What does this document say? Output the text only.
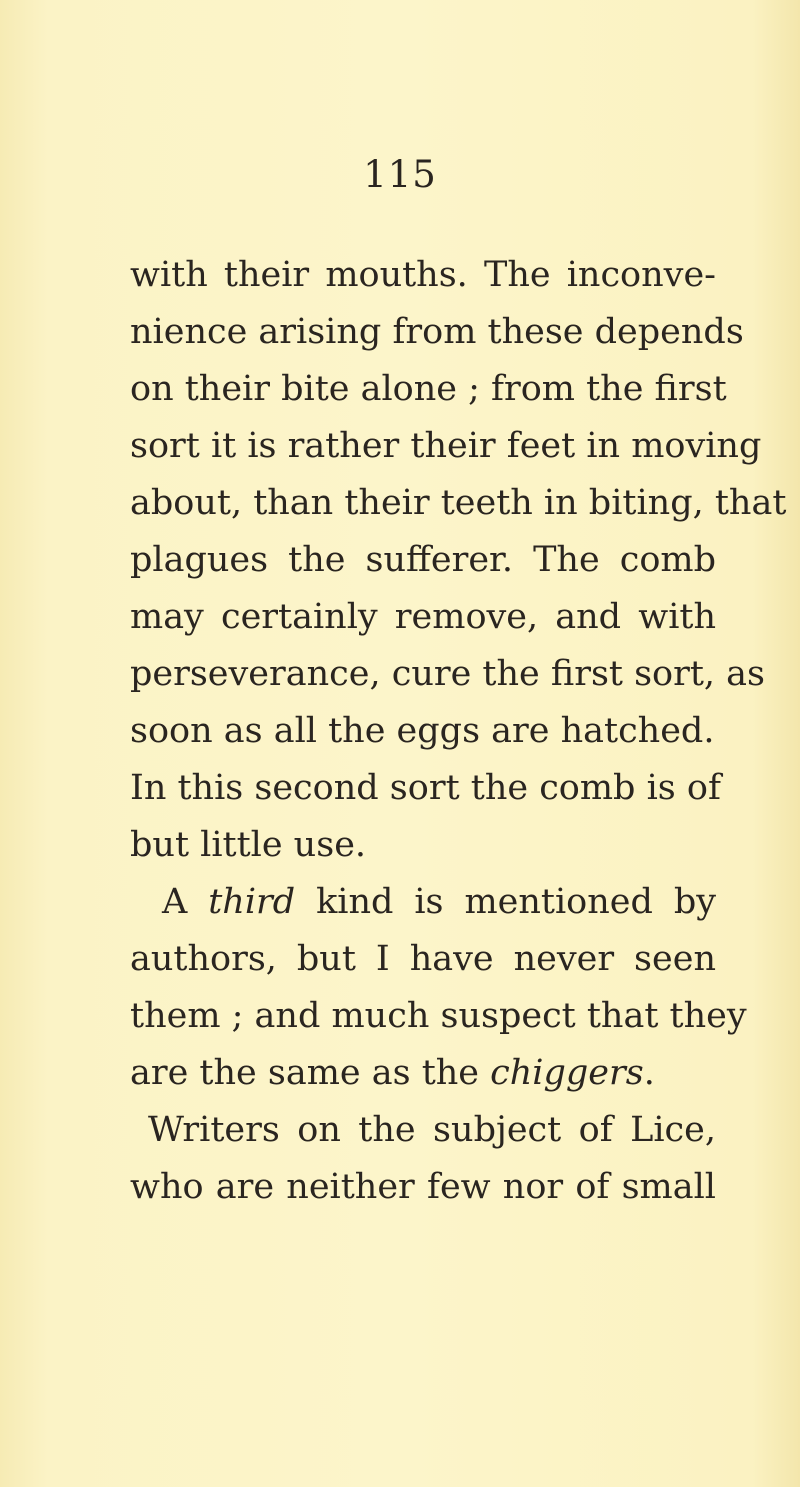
115
with their mouths. The inconve-
nience arising from these depends
on their bite alone ; from the first
sort it is rather their feet in moving
about, than their teeth in biting, that
plagues the sufferer. The comb
may certainly remove, and with
perseverance, cure the first sort, as
soon as all the eggs are hatched.
In this second sort the comb is of
but little use.
A third kind is mentioned by
authors, but I have never seen
them ; and much suspect that they
are the same as the chiggers.
Writers on the subject of Lice,
who are neither few nor of small
